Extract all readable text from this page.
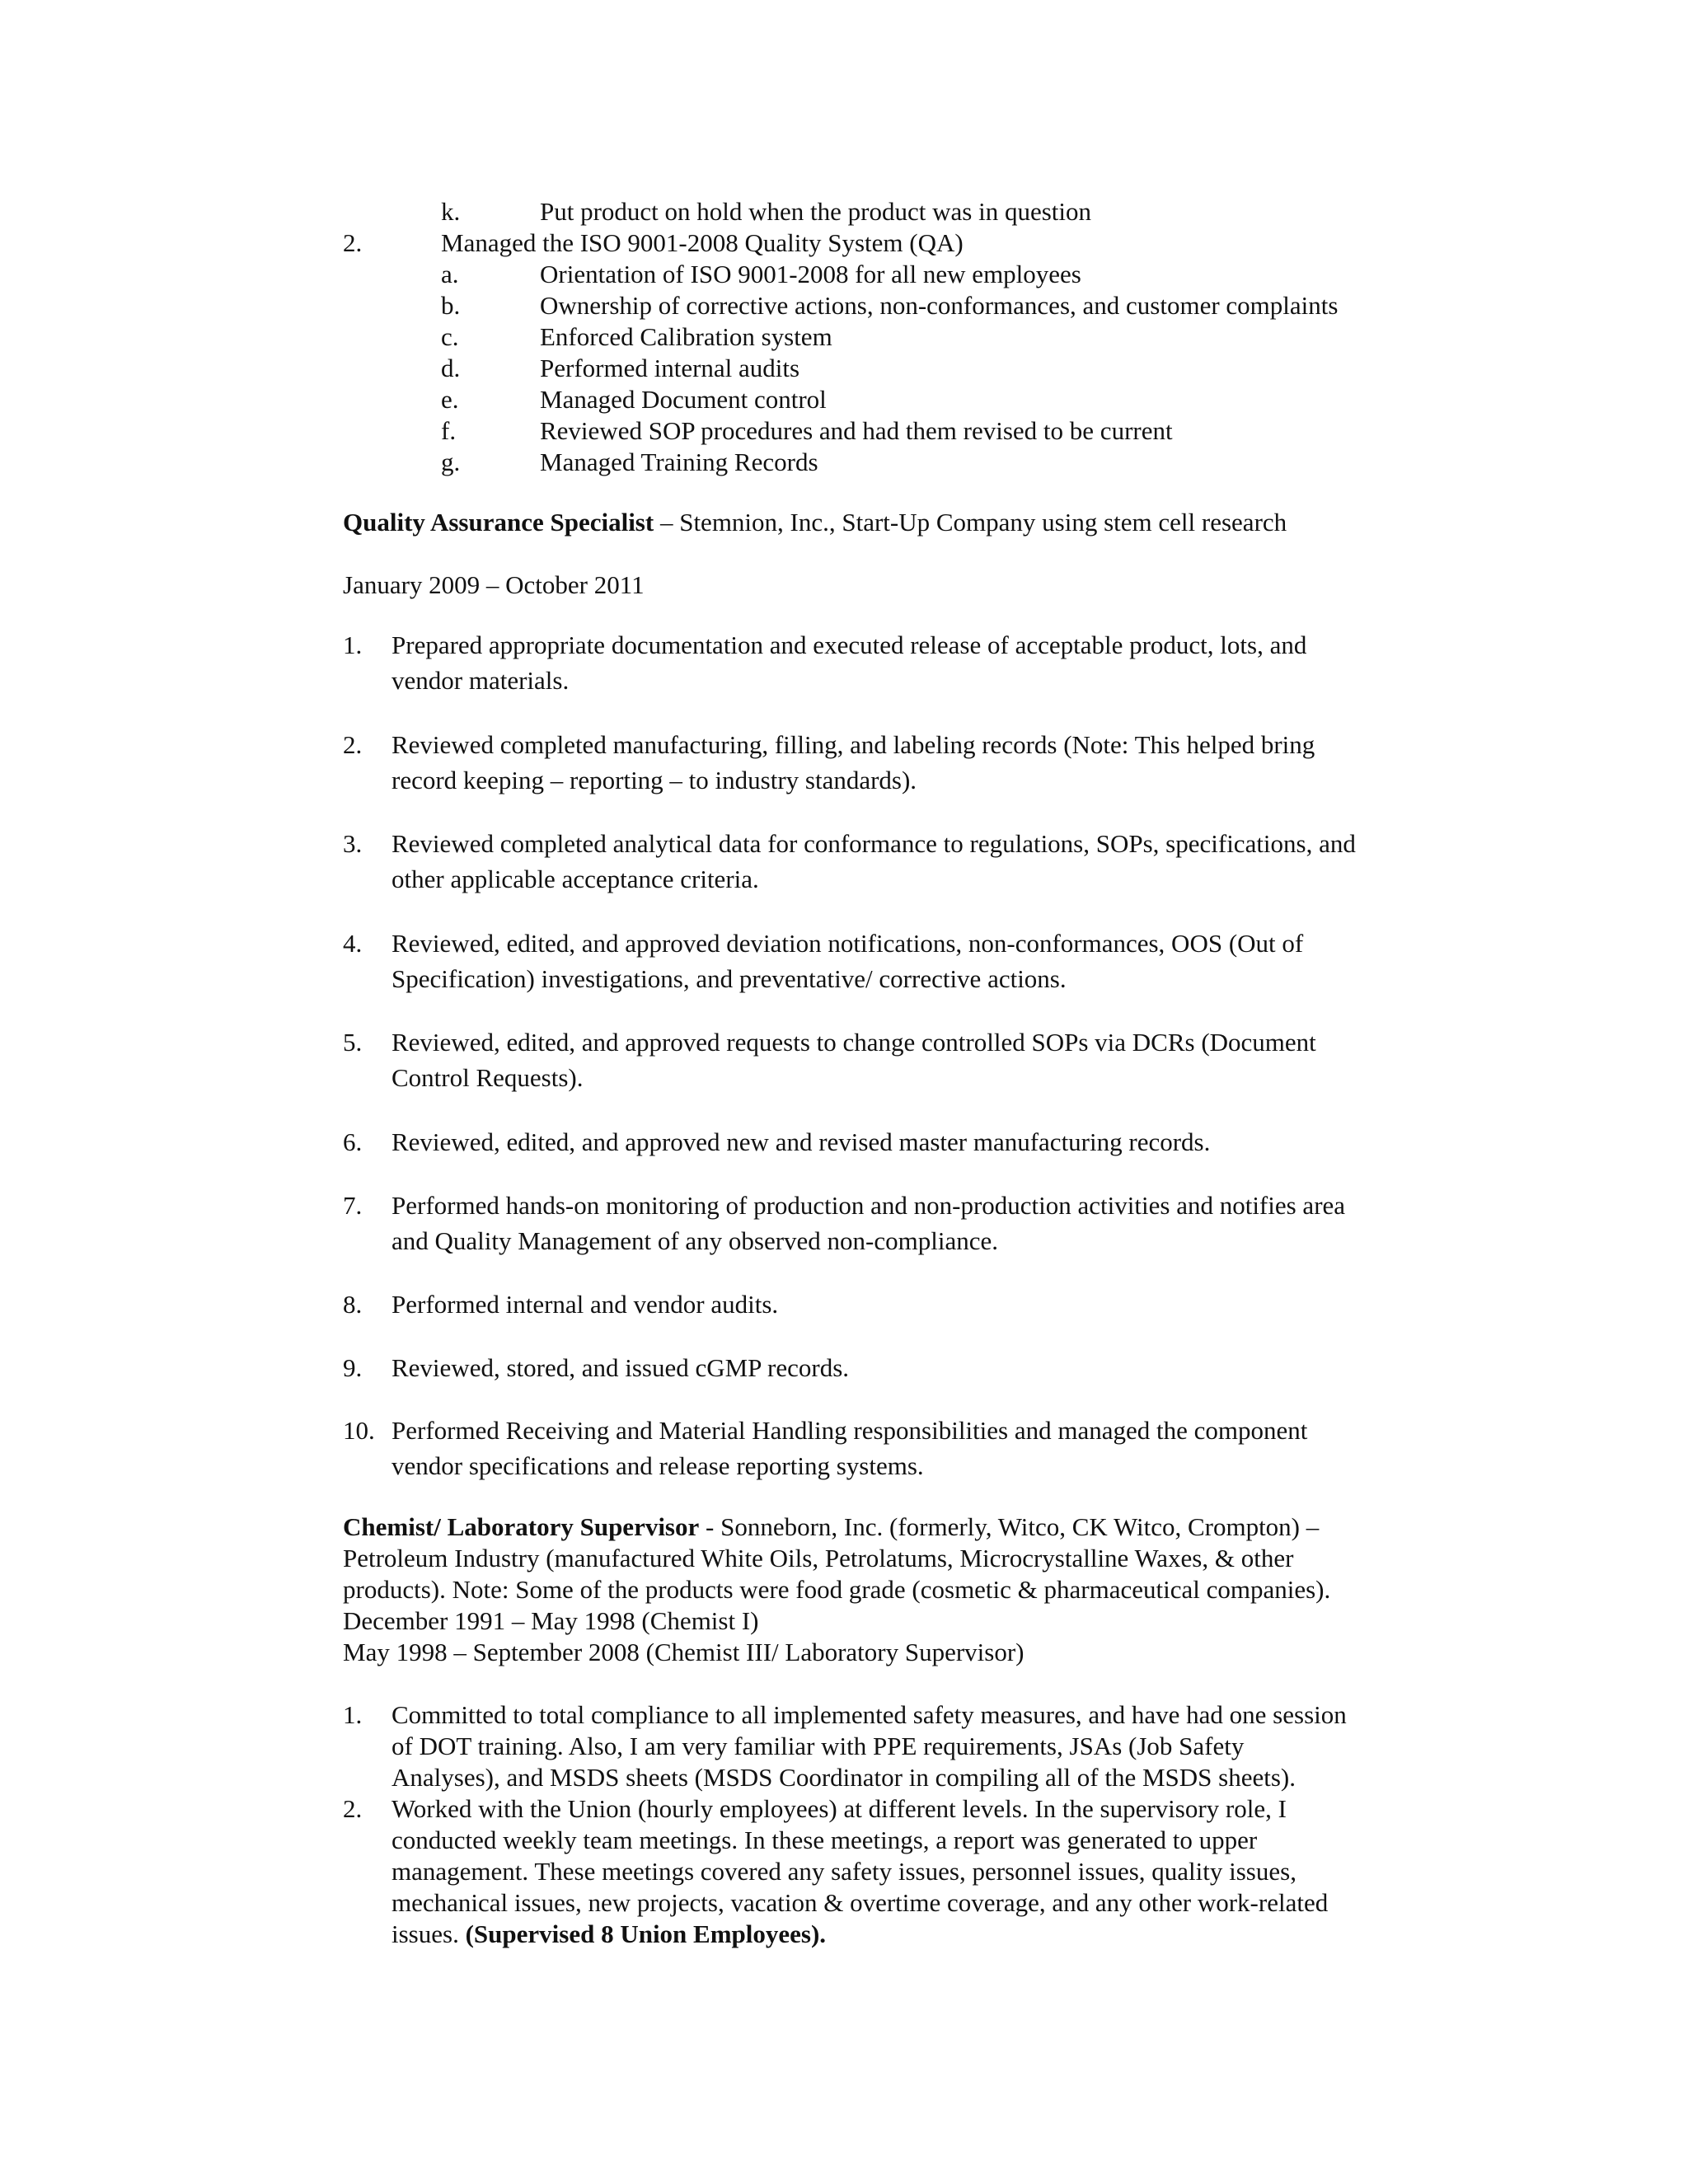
k.	Put product on hold when the product was in question
2.	Managed the ISO 9001-2008 Quality System (QA)
a.	Orientation of ISO 9001-2008 for all new employees
b.	Ownership of corrective actions, non-conformances, and customer complaints
c.	Enforced Calibration system
d.	Performed internal audits
e.	Managed Document control
f.	Reviewed SOP procedures and had them revised to be current
g.	Managed Training Records
Quality Assurance Specialist – Stemnion, Inc., Start-Up Company using stem cell research
January 2009 – October 2011
1. Prepared appropriate documentation and executed release of acceptable product, lots, and
vendor materials.
2. Reviewed completed manufacturing, filling, and labeling records (Note: This helped bring
record keeping – reporting – to industry standards).
3. Reviewed completed analytical data for conformance to regulations, SOPs, specifications, and
other applicable acceptance criteria.
4. Reviewed, edited, and approved deviation notifications, non-conformances, OOS (Out of
Specification) investigations, and preventative/ corrective actions.
5. Reviewed, edited, and approved requests to change controlled SOPs via DCRs (Document
Control Requests).
6. Reviewed, edited, and approved new and revised master manufacturing records.
7. Performed hands-on monitoring of production and non-production activities and notifies area
and Quality Management of any observed non-compliance.
8. Performed internal and vendor audits.
9. Reviewed, stored, and issued cGMP records.
10. Performed Receiving and Material Handling responsibilities and managed the component
vendor specifications and release reporting systems.
Chemist/ Laboratory Supervisor - Sonneborn, Inc. (formerly, Witco, CK Witco, Crompton) –
Petroleum Industry (manufactured White Oils, Petrolatums, Microcrystalline Waxes, & other
products). Note: Some of the products were food grade (cosmetic & pharmaceutical companies).
December 1991 – May 1998 (Chemist I)
May 1998 – September 2008 (Chemist III/ Laboratory Supervisor)
1. Committed to total compliance to all implemented safety measures, and have had one session
of DOT training. Also, I am very familiar with PPE requirements, JSAs (Job Safety
Analyses), and MSDS sheets (MSDS Coordinator in compiling all of the MSDS sheets).
2. Worked with the Union (hourly employees) at different levels. In the supervisory role, I
conducted weekly team meetings. In these meetings, a report was generated to upper
management. These meetings covered any safety issues, personnel issues, quality issues,
mechanical issues, new projects, vacation & overtime coverage, and any other work-related
issues. (Supervised 8 Union Employees).
